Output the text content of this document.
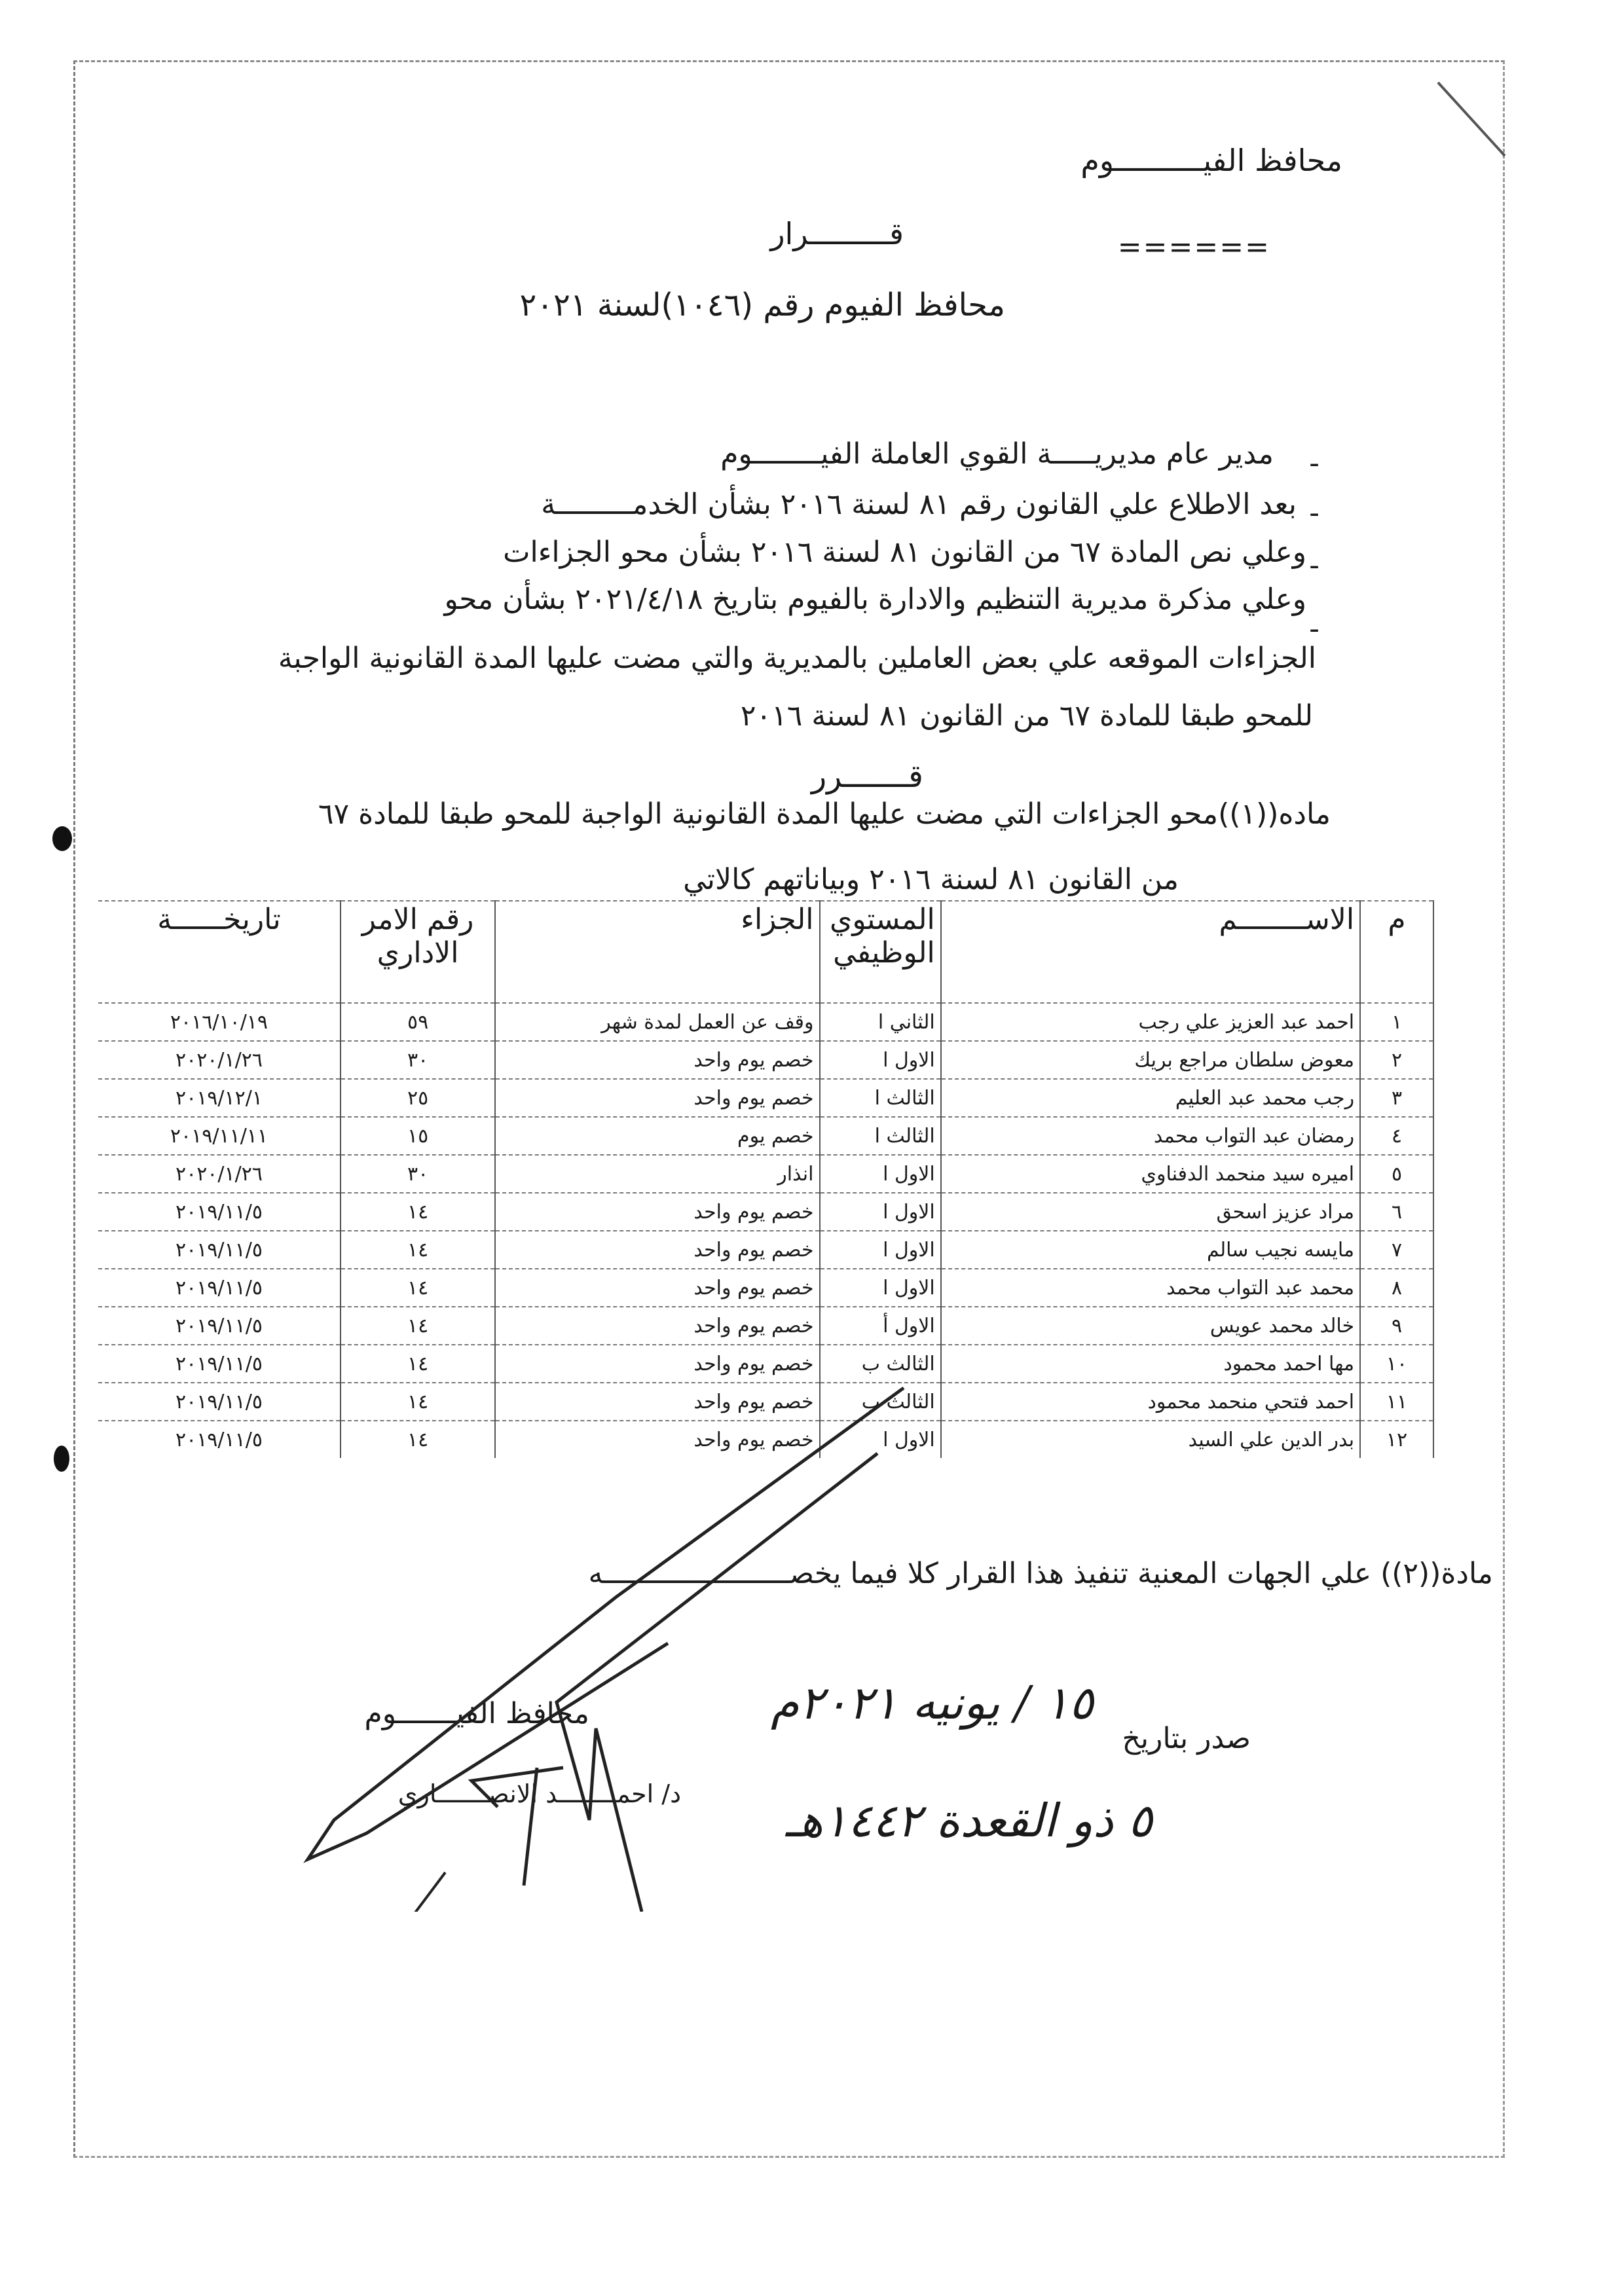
محافظ الفيــــــــــوم
قـــــــــرار	======
محافظ الفيوم رقم (١٠٤٦)لسنة ٢٠٢١
-
مدير عام مديريـــــة القوي العاملة الفيــــــــوم
-
بعد الاطلاع علي القانون رقم ٨١ لسنة ٢٠١٦ بشأن الخدمـــــــــة
-
وعلي نص المادة ٦٧ من القانون ٨١ لسنة ٢٠١٦ بشأن محو الجزاءات
-
وعلي مذكرة مديرية التنظيم والادارة بالفيوم بتاريخ ٢٠٢١/٤/١٨ بشأن محو
الجزاءات الموقعه علي بعض العاملين بالمديرية والتي مضت عليها المدة القانونية الواجبة
للمحو طبقا للمادة ٦٧ من القانون ٨١ لسنة ٢٠١٦
قـــــــرر
ماده((١))محو الجزاءات التي مضت عليها المدة القانونية الواجبة للمحو طبقا للمادة ٦٧
من القانون ٨١ لسنة ٢٠١٦ وبياناتهم كالاتي
م	الاســــــــم	المستوي الوظيفي	الجزاء	رقم الامر الاداري	تاريخــــــة
١	احمد عبد العزيز علي رجب	الثاني ا	وقف عن العمل لمدة شهر	٥٩	٢٠١٦/١٠/١٩
٢	معوض سلطان مراجع بريك	الاول ا	خصم يوم واحد	٣٠	٢٠٢٠/١/٢٦
٣	رجب محمد عبد العليم	الثالث ا	خصم يوم واحد	٢٥	٢٠١٩/١٢/١
٤	رمضان عبد التواب محمد	الثالث ا	خصم يوم	١٥	٢٠١٩/١١/١١
٥	اميره سيد منحمد الدفناوي	الاول ا	انذار	٣٠	٢٠٢٠/١/٢٦
٦	مراد عزيز اسحق	الاول ا	خصم يوم واحد	١٤	٢٠١٩/١١/٥
٧	مايسه نجيب سالم	الاول ا	خصم يوم واحد	١٤	٢٠١٩/١١/٥
٨	محمد عبد التواب محمد	الاول ا	خصم يوم واحد	١٤	٢٠١٩/١١/٥
٩	خالد محمد عويس	الاول أ	خصم يوم واحد	١٤	٢٠١٩/١١/٥
١٠	مها احمد محمود	الثالث ب	خصم يوم واحد	١٤	٢٠١٩/١١/٥
١١	احمد فتحي منحمد محمود	الثالث ب	خصم يوم واحد	١٤	٢٠١٩/١١/٥
١٢	بدر الدين علي السيد	الاول ا	خصم يوم واحد	١٤	٢٠١٩/١١/٥
مادة((٢)) علي الجهات المعنية تنفيذ هذا القرار كلا فيما يخصــــــــــــــــــــــه
صدر بتاريخ
١٥ / يونيه ٢٠٢١م
٥ ذو القعدة ١٤٤٢هـ
محافظ الفيـــــــوم
د/ احمــــــــد الانصـــــــاري
